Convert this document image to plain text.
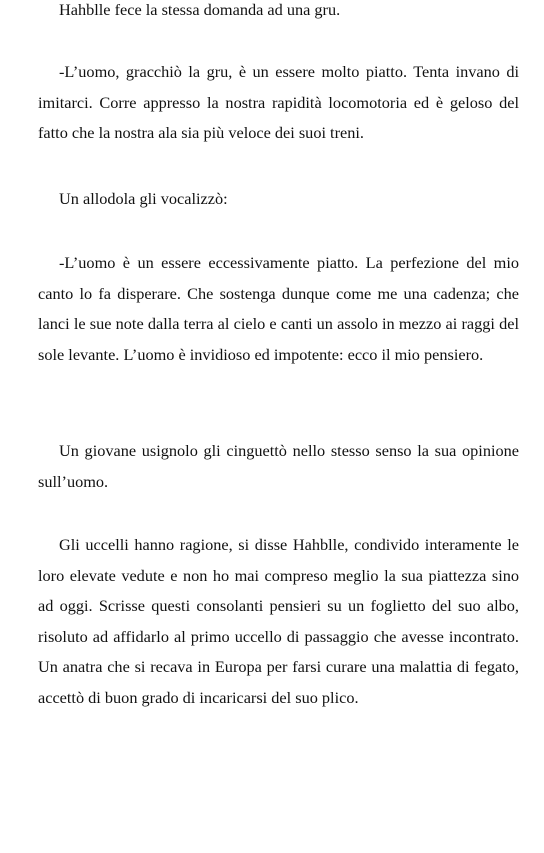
Hahblle fece la stessa domanda ad una gru.

-L’uomo, gracchiò la gru, è un essere molto piatto. Tenta invano di imitarci. Corre appresso la nostra rapidità locomotoria ed è geloso del fatto che la nostra ala sia più veloce dei suoi treni.

Un allodola gli vocalizzò:

-L’uomo è un essere eccessivamente piatto. La perfezione del mio canto lo fa disperare. Che sostenga dunque come me una cadenza; che lanci le sue note dalla terra al cielo e canti un assolo in mezzo ai raggi del sole levante. L’uomo è invidioso ed impotente: ecco il mio pensiero.

Un giovane usignolo gli cinguettò nello stesso senso la sua opinione sull’uomo.

Gli uccelli hanno ragione, si disse Hahblle, condivido interamente le loro elevate vedute e non ho mai compreso meglio la sua piattezza sino ad oggi. Scrisse questi consolanti pensieri su un foglietto del suo albo, risoluto ad affidarlo al primo uccello di passaggio che avesse incontrato. Un anatra che si recava in Europa per farsi curare una malattia di fegato, accettò di buon grado di incaricarsi del suo plico.
